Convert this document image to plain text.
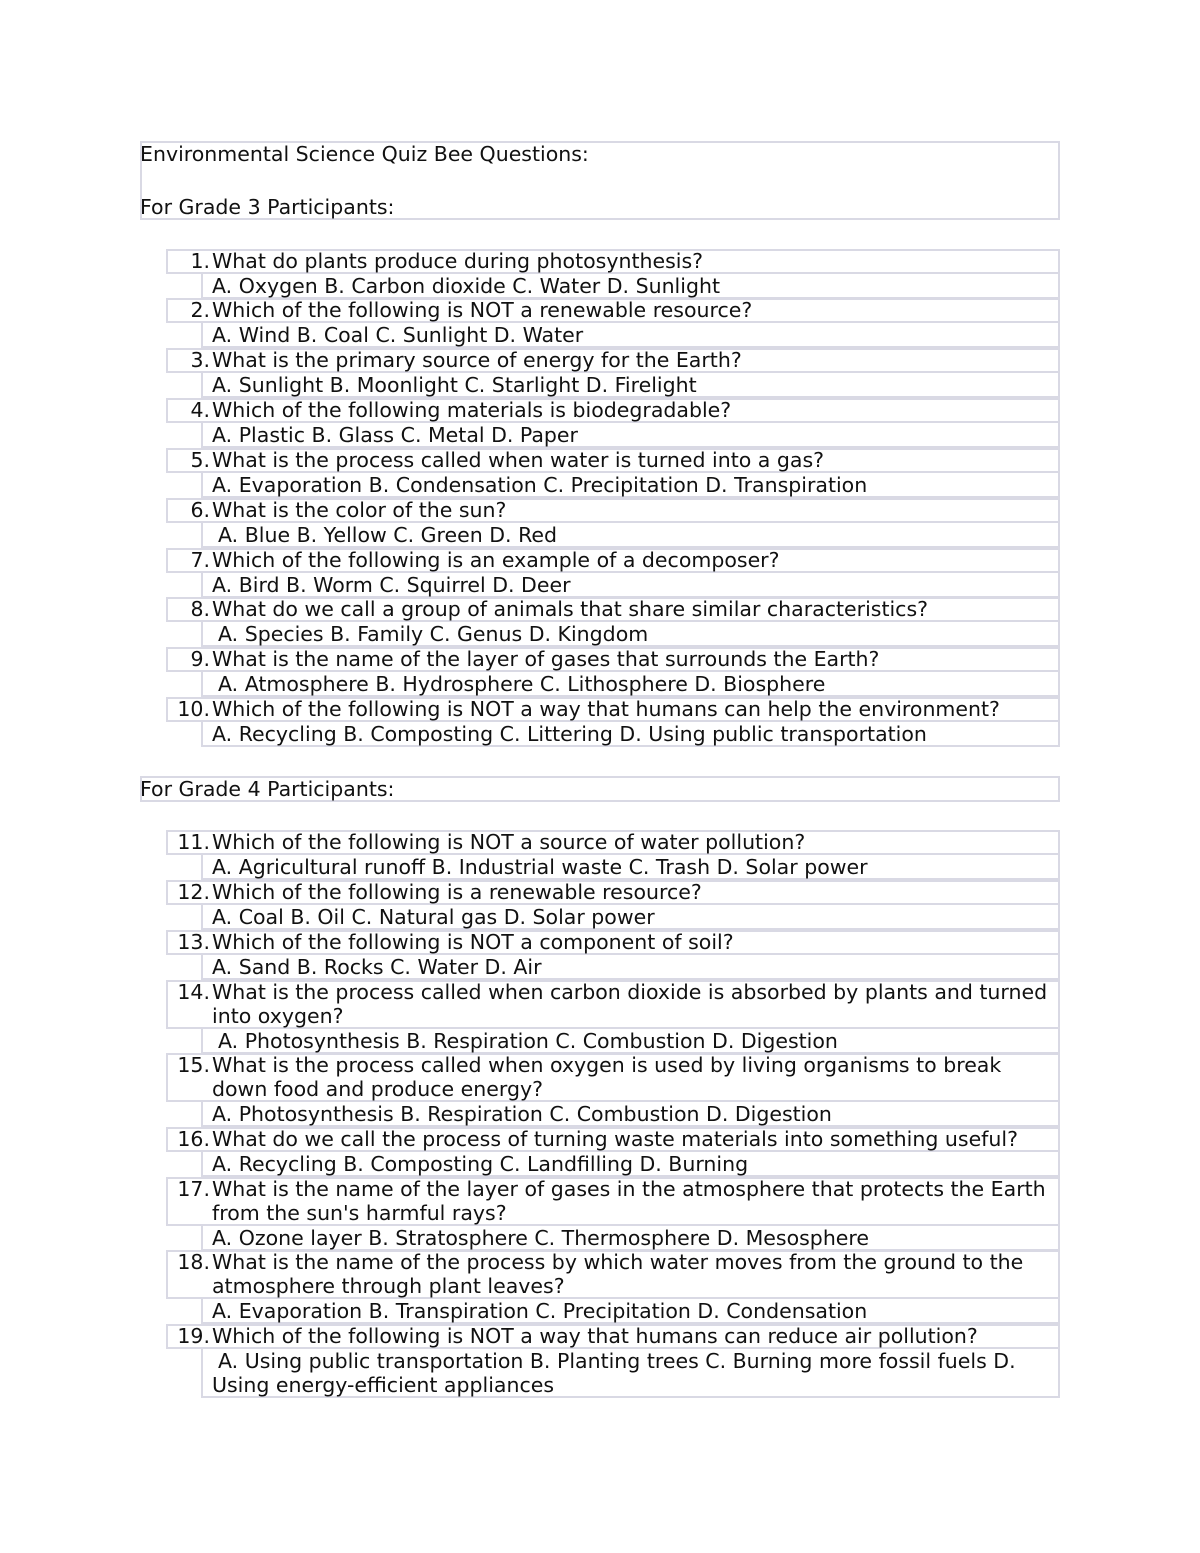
Environmental Science Quiz Bee Questions:
For Grade 3 Participants:
1. What do plants produce during photosynthesis?
A. Oxygen B. Carbon dioxide C. Water D. Sunlight
2. Which of the following is NOT a renewable resource?
A. Wind B. Coal C. Sunlight D. Water
3. What is the primary source of energy for the Earth?
A. Sunlight B. Moonlight C. Starlight D. Firelight
4. Which of the following materials is biodegradable?
A. Plastic B. Glass C. Metal D. Paper
5. What is the process called when water is turned into a gas?
A. Evaporation B. Condensation C. Precipitation D. Transpiration
6. What is the color of the sun?
A. Blue B. Yellow C. Green D. Red
7. Which of the following is an example of a decomposer?
A. Bird B. Worm C. Squirrel D. Deer
8. What do we call a group of animals that share similar characteristics?
A. Species B. Family C. Genus D. Kingdom
9. What is the name of the layer of gases that surrounds the Earth?
A. Atmosphere B. Hydrosphere C. Lithosphere D. Biosphere
10. Which of the following is NOT a way that humans can help the environment?
A. Recycling B. Composting C. Littering D. Using public transportation
For Grade 4 Participants:
11. Which of the following is NOT a source of water pollution?
A. Agricultural runoff B. Industrial waste C. Trash D. Solar power
12. Which of the following is a renewable resource?
A. Coal B. Oil C. Natural gas D. Solar power
13. Which of the following is NOT a component of soil?
A. Sand B. Rocks C. Water D. Air
14. What is the process called when carbon dioxide is absorbed by plants and turned
into oxygen?
A. Photosynthesis B. Respiration C. Combustion D. Digestion
15. What is the process called when oxygen is used by living organisms to break
down food and produce energy?
A. Photosynthesis B. Respiration C. Combustion D. Digestion
16. What do we call the process of turning waste materials into something useful?
A. Recycling B. Composting C. Landfilling D. Burning
17. What is the name of the layer of gases in the atmosphere that protects the Earth
from the sun's harmful rays?
A. Ozone layer B. Stratosphere C. Thermosphere D. Mesosphere
18. What is the name of the process by which water moves from the ground to the
atmosphere through plant leaves?
A. Evaporation B. Transpiration C. Precipitation D. Condensation
19. Which of the following is NOT a way that humans can reduce air pollution?
A. Using public transportation B. Planting trees C. Burning more fossil fuels D.
Using energy-efficient appliances
